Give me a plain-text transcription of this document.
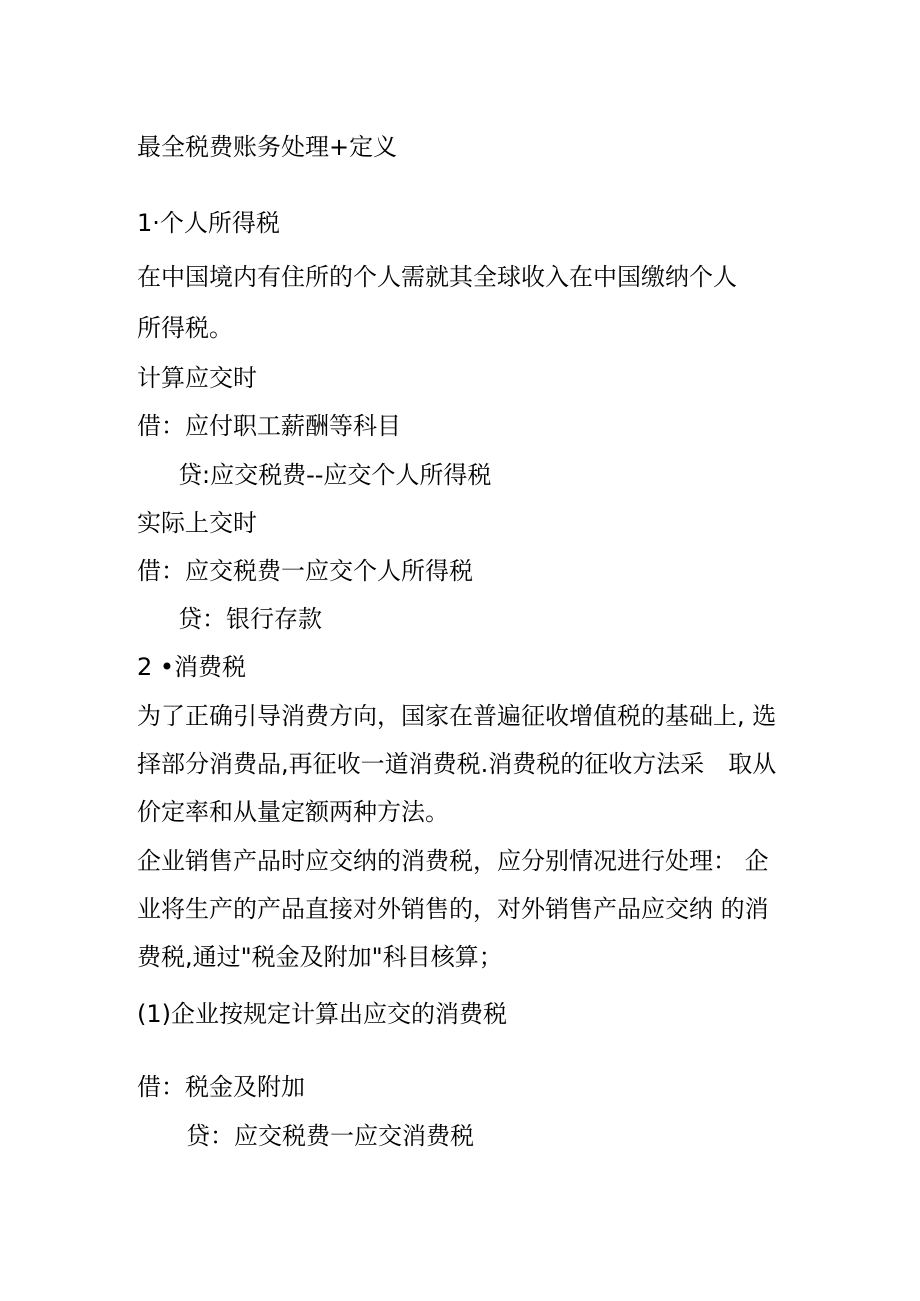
最全税费账务处理+定义
1·个人所得税
在中国境内有住所的个人需就其全球收入在中国缴纳个人
所得税。
计算应交时
借：应付职工薪酬等科目
贷:应交税费--应交个人所得税
实际上交时
借：应交税费一应交个人所得税
贷：银行存款
2 •消费税
为了正确引导消费方向，国家在普遍征收增值税的基础上, 选
择部分消费品,再征收一道消费税.消费税的征收方法采　取从
价定率和从量定额两种方法。
企业销售产品时应交纳的消费税，应分别情况进行处理： 企
业将生产的产品直接对外销售的，对外销售产品应交纳 的消
费税,通过"税金及附加"科目核算；
(1)企业按规定计算出应交的消费税
借：税金及附加
贷：应交税费一应交消费税
